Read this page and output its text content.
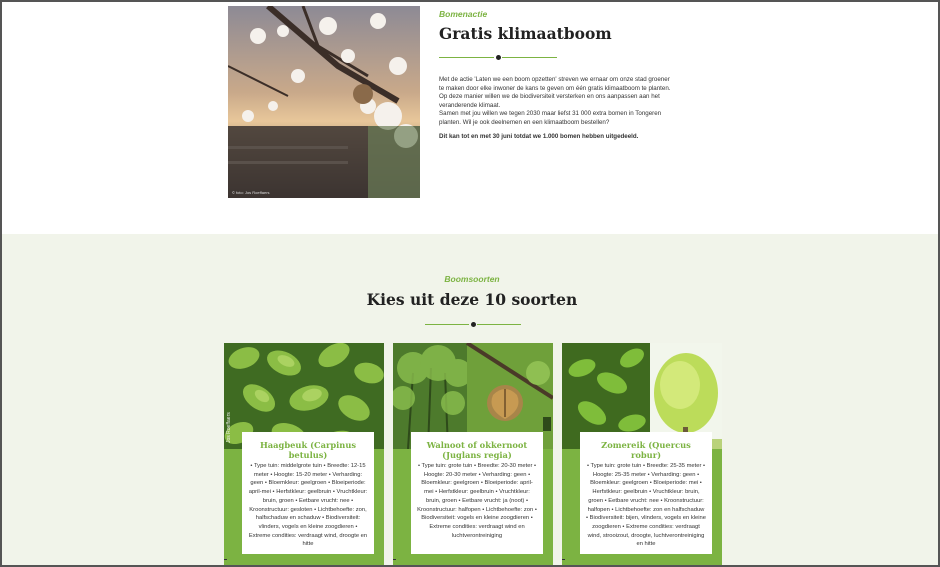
© foto: Jos Roeffaers
Bomenactie
Gratis klimaatboom

Met de actie 'Laten we een boom opzetten' streven we ernaar om onze stad groener te maken door elke inwoner de kans te geven om één gratis klimaatboom te planten. Op deze manier willen we de biodiversiteit versterken en ons aanpassen aan het veranderende klimaat.

Samen met jou willen we tegen 2030 maar liefst 31 000 extra bomen in Tongeren planten. Wil je ook deelnemen en een klimaatboom bestellen?

Dit kan tot en met 30 juni totdat we 1.000 bomen hebben uitgedeeld.

Boomsoorten
Kies uit deze 10 soorten
Jos Roeffaers
Haagbeuk (Carpinus betulus)

• Type tuin: middelgrote tuin • Breedte: 12-15 meter • Hoogte: 15-20 meter • Verharding: geen • Bloemkleur: geelgroen • Bloeiperiode: april-mei • Herfstkleur: geelbruin • Vruchtkleur: bruin, groen • Eetbare vrucht: nee • Kroonstructuur: gesloten • Lichtbehoefte: zon, halfschaduw en schaduw • Biodiversiteit: vlinders, vogels en kleine zoogdieren • Extreme condities: verdraagt wind, droogte en hitte

Walnoot of okkernoot (Juglans regia)

• Type tuin: grote tuin • Breedte: 20-30 meter • Hoogte: 20-30 meter • Verharding: geen • Bloemkleur: geelgroen • Bloeiperiode: april-mei • Herfstkleur: geelbruin • Vruchtkleur: bruin, groen • Eetbare vrucht: ja (noot) • Kroonstructuur: halfopen • Lichtbehoefte: zon • Biodiversiteit: vogels en kleine zoogdieren • Extreme condities: verdraagt wind en luchtverontreiniging

Zomereik (Quercus robur)

• Type tuin: grote tuin • Breedte: 25-35 meter • Hoogte: 25-35 meter • Verharding: geen • Bloemkleur: geelgroen • Bloeiperiode: mei • Herfstkleur: geelbruin • Vruchtkleur: bruin, groen • Eetbare vrucht: nee • Kroonstructuur: halfopen • Lichtbehoefte: zon en halfschaduw • Biodiversiteit: bijen, vlinders, vogels en kleine zoogdieren • Extreme condities: verdraagt wind, strooizout, droogte, luchtverontreiniging en hitte
